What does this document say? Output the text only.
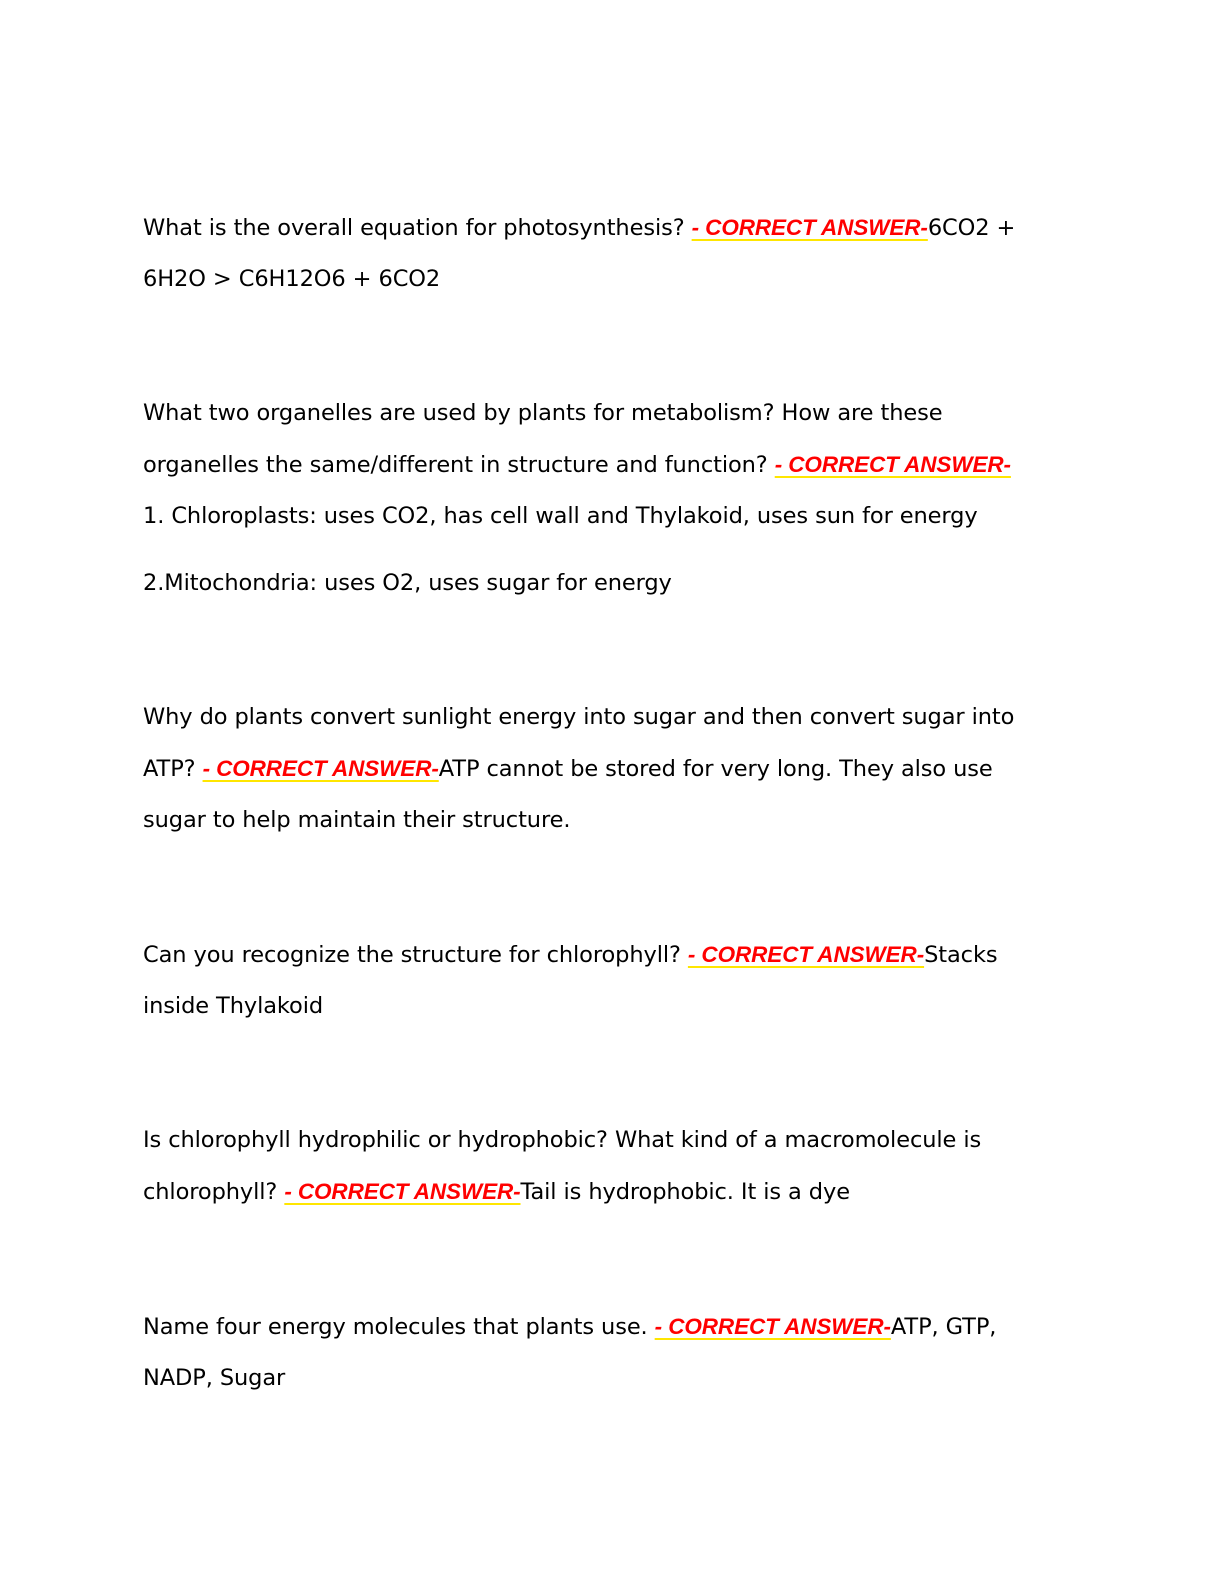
What is the overall equation for photosynthesis? - CORRECT ANSWER-6CO2 +
6H2O > C6H12O6 + 6CO2
What two organelles are used by plants for metabolism? How are these
organelles the same/different in structure and function? - CORRECT ANSWER-
1. Chloroplasts: uses CO2, has cell wall and Thylakoid, uses sun for energy
2.Mitochondria: uses O2, uses sugar for energy
Why do plants convert sunlight energy into sugar and then convert sugar into
ATP? - CORRECT ANSWER-ATP cannot be stored for very long. They also use
sugar to help maintain their structure.
Can you recognize the structure for chlorophyll? - CORRECT ANSWER-Stacks
inside Thylakoid
Is chlorophyll hydrophilic or hydrophobic? What kind of a macromolecule is
chlorophyll? - CORRECT ANSWER-Tail is hydrophobic. It is a dye
Name four energy molecules that plants use. - CORRECT ANSWER-ATP, GTP,
NADP, Sugar
